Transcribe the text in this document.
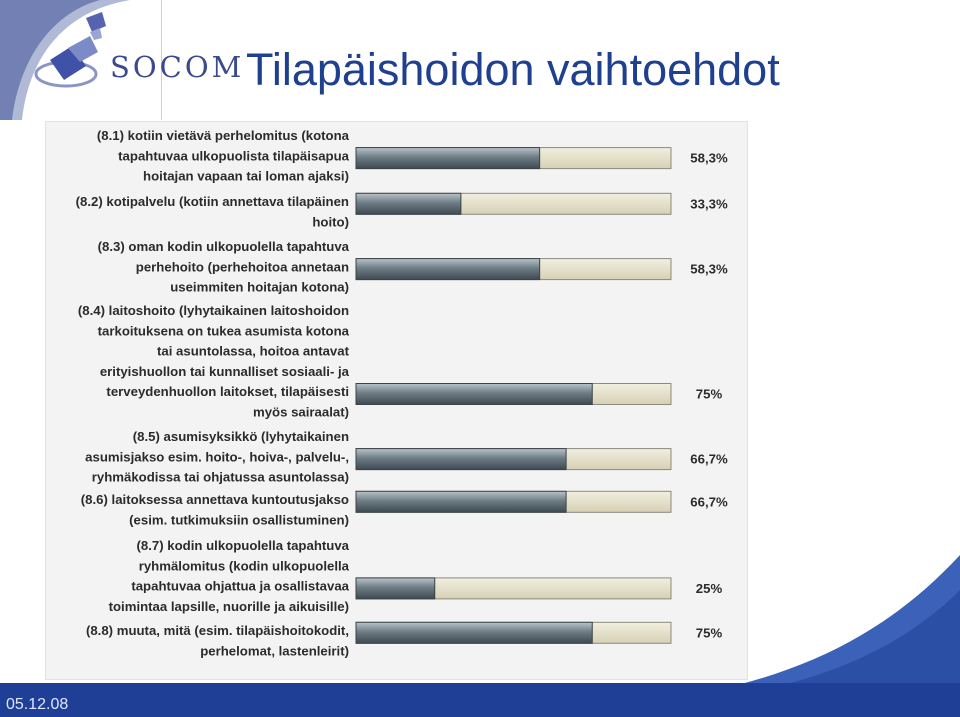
SOCOM Tilapäishoidon vaihtoehdot
(8.1) kotiin vietävä perhelomitus (kotona tapahtuvaa ulkopuolista tilapäisapua hoitajan vapaan tai loman ajaksi)
58,3%
(8.2) kotipalvelu (kotiin annettava tilapäinen hoito)
33,3%
(8.3) oman kodin ulkopuolella tapahtuva perhehoito (perhehoitoa annetaan useimmiten hoitajan kotona)
58,3%
(8.4) laitoshoito (lyhytaikainen laitoshoidon tarkoituksena on tukea asumista kotona tai asuntolassa, hoitoa antavat erityishuollon tai kunnalliset sosiaali- ja terveydenhuollon laitokset, tilapäisesti myös sairaalat)
75%
(8.5) asumisyksikkö (lyhytaikainen asumisjakso esim. hoito-, hoiva-, palvelu-, ryhmäkodissa tai ohjatussa asuntolassa)
66,7%
(8.6) laitoksessa annettava kuntoutusjakso (esim. tutkimuksiin osallistuminen)
66,7%
(8.7) kodin ulkopuolella tapahtuva ryhmälomitus (kodin ulkopuolella tapahtuvaa ohjattua ja osallistavaa toimintaa lapsille, nuorille ja aikuisille)
25%
(8.8) muuta, mitä (esim. tilapäishoitokodit, perhelomat, lastenleirit)
75%
05.12.08
